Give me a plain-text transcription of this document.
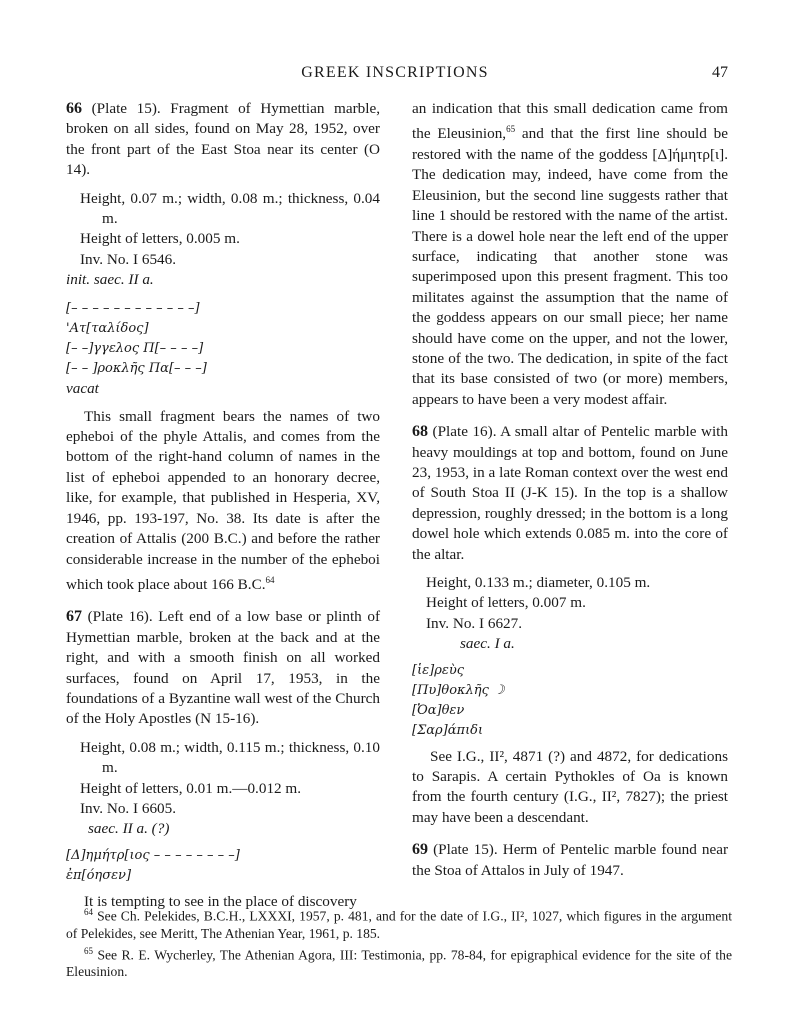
GREEK INSCRIPTIONS	47

66 (Plate 15). Fragment of Hymettian marble, broken on all sides, found on May 28, 1952, over the front part of the East Stoa near its center (O 14).

Height, 0.07 m.; width, 0.08 m.; thickness, 0.04 m.

Height of letters, 0.005 m.

Inv. No. I 6546.

init. saec. II a.

[– – – – – – – – – – – –]

'Ατ[ταλίδος]

[– –]γγελος Π[– – – –]

[– – ]ροκλῆς Πα[– – –]

vacat

This small fragment bears the names of two epheboi of the phyle Attalis, and comes from the bottom of the right-hand column of names in the list of epheboi appended to an honorary decree, like, for example, that published in Hesperia, XV, 1946, pp. 193-197, No. 38. Its date is after the creation of Attalis (200 B.C.) and before the rather considerable increase in the number of the epheboi which took place about 166 B.C.$^{64}$

67 (Plate 16). Left end of a low base or plinth of Hymettian marble, broken at the back and at the right, and with a smooth finish on all worked surfaces, found on April 17, 1953, in the foundations of a Byzantine wall west of the Church of the Holy Apostles (N 15-16).

Height, 0.08 m.; width, 0.115 m.; thickness, 0.10 m.

Height of letters, 0.01 m.—0.012 m.

Inv. No. I 6605.

saec. II a. (?)

[Δ]ημήτρ[ιος – – – – – – – –]

ἐπ[όησεν]

It is tempting to see in the place of discovery

an indication that this small dedication came from the Eleusinion,$^{65}$ and that the first line should be restored with the name of the goddess [Δ]ήμητρ[ι]. The dedication may, indeed, have come from the Eleusinion, but the second line suggests rather that line 1 should be restored with the name of the artist. There is a dowel hole near the left end of the upper surface, indicating that another stone was superimposed upon this present fragment. This too militates against the assumption that the name of the goddess appears on our small piece; her name should have come on the upper, and not the lower, stone of the two. The dedication, in spite of the fact that its base consisted of two (or more) members, appears to have been a very modest affair.

68 (Plate 16). A small altar of Pentelic marble with heavy mouldings at top and bottom, found on June 23, 1953, in a late Roman context over the west end of South Stoa II (J-K 15). In the top is a shallow depression, roughly dressed; in the bottom is a long dowel hole which extends 0.085 m. into the core of the altar.

Height, 0.133 m.; diameter, 0.105 m.

Height of letters, 0.007 m.

Inv. No. I 6627.

saec. I a.

[ἱε]ρεὺς

[Πυ]θοκλῆς ☽

[Ὀα]θεν

[Σαρ]άπιδι

See I.G., II², 4871 (?) and 4872, for dedications to Sarapis. A certain Pythokles of Oa is known from the fourth century (I.G., II², 7827); the priest may have been a descendant.

69 (Plate 15). Herm of Pentelic marble found near the Stoa of Attalos in July of 1947.

$^{64}$ See Ch. Pelekides, B.C.H., LXXXI, 1957, p. 481, and for the date of I.G., II², 1027, which figures in the argument of Pelekides, see Meritt, The Athenian Year, 1961, p. 185.

$^{65}$ See R. E. Wycherley, The Athenian Agora, III: Testimonia, pp. 78-84, for epigraphical evidence for the site of the Eleusinion.
